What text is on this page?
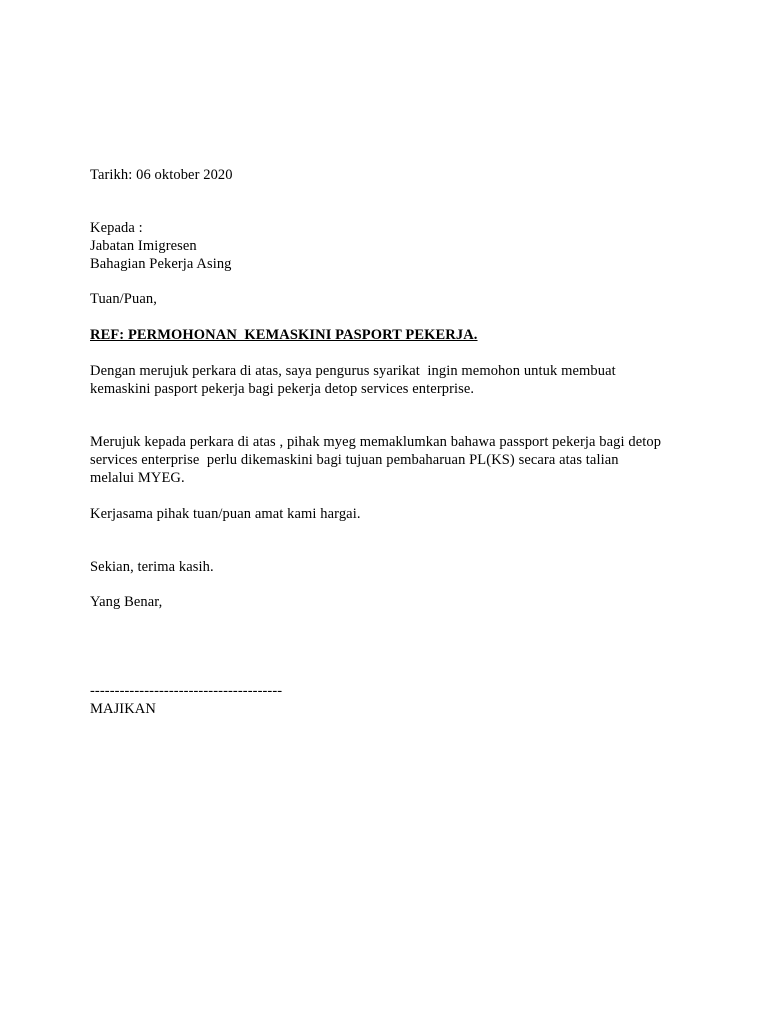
Tarikh: 06 oktober 2020
Kepada :
Jabatan Imigresen
Bahagian Pekerja Asing
Tuan/Puan,
REF: PERMOHONAN  KEMASKINI PASPORT PEKERJA.
Dengan merujuk perkara di atas, saya pengurus syarikat  ingin memohon untuk membuat
kemaskini pasport pekerja bagi pekerja detop services enterprise.
Merujuk kepada perkara di atas , pihak myeg memaklumkan bahawa passport pekerja bagi detop
services enterprise  perlu dikemaskini bagi tujuan pembaharuan PL(KS) secara atas talian
melalui MYEG.
Kerjasama pihak tuan/puan amat kami hargai.
Sekian, terima kasih.
Yang Benar,
---------------------------------------
MAJIKAN
